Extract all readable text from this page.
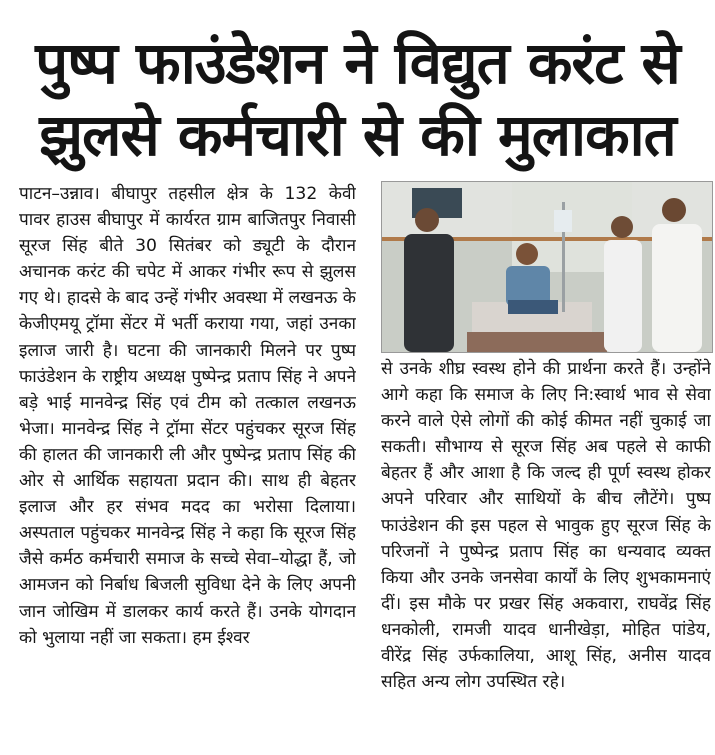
पुष्प फाउंडेशन ने विद्युत करंट से
झुलसे कर्मचारी से की मुलाकात

पाटन–उन्नाव। बीघापुर तहसील क्षेत्र के 132 केवी पावर हाउस बीघापुर में कार्यरत ग्राम बाजितपुर निवासी सूरज सिंह बीते 30 सितंबर को ड्यूटी के दौरान अचानक करंट की चपेट में आकर गंभीर रूप से झुलस गए थे। हादसे के बाद उन्हें गंभीर अवस्था में लखनऊ के केजीएमयू ट्रॉमा सेंटर में भर्ती कराया गया, जहां उनका इलाज जारी है। घटना की जानकारी मिलने पर पुष्प फाउंडेशन के राष्ट्रीय अध्यक्ष पुष्पेन्द्र प्रताप सिंह ने अपने बड़े भाई मानवेन्द्र सिंह एवं टीम को तत्काल लखनऊ भेजा। मानवेन्द्र सिंह ने ट्रॉमा सेंटर पहुंचकर सूरज सिंह की हालत की जानकारी ली और पुष्पेन्द्र प्रताप सिंह की ओर से आर्थिक सहायता प्रदान की। साथ ही बेहतर इलाज और हर संभव मदद का भरोसा दिलाया। अस्पताल पहुंचकर मानवेन्द्र सिंह ने कहा कि सूरज सिंह जैसे कर्मठ कर्मचारी समाज के सच्चे सेवा–योद्धा हैं, जो आमजन को निर्बाध बिजली सुविधा देने के लिए अपनी जान जोखिम में डालकर कार्य करते हैं। उनके योगदान को भुलाया नहीं जा सकता। हम ईश्वर

से उनके शीघ्र स्वस्थ होने की प्रार्थना करते हैं। उन्होंने आगे कहा कि समाज के लिए नि:स्वार्थ भाव से सेवा करने वाले ऐसे लोगों की कोई कीमत नहीं चुकाई जा सकती। सौभाग्य से सूरज सिंह अब पहले से काफी बेहतर हैं और आशा है कि जल्द ही पूर्ण स्वस्थ होकर अपने परिवार और साथियों के बीच लौटेंगे। पुष्प फाउंडेशन की इस पहल से भावुक हुए सूरज सिंह के परिजनों ने पुष्पेन्द्र प्रताप सिंह का धन्यवाद व्यक्त किया और उनके जनसेवा कार्यों के लिए शुभकामनाएं दीं। इस मौके पर प्रखर सिंह अकवारा, राघवेंद्र सिंह धनकोली, रामजी यादव धानीखेड़ा, मोहित पांडेय, वीरेंद्र सिंह उर्फकालिया, आशू सिंह, अनीस यादव सहित अन्य लोग उपस्थित रहे।
